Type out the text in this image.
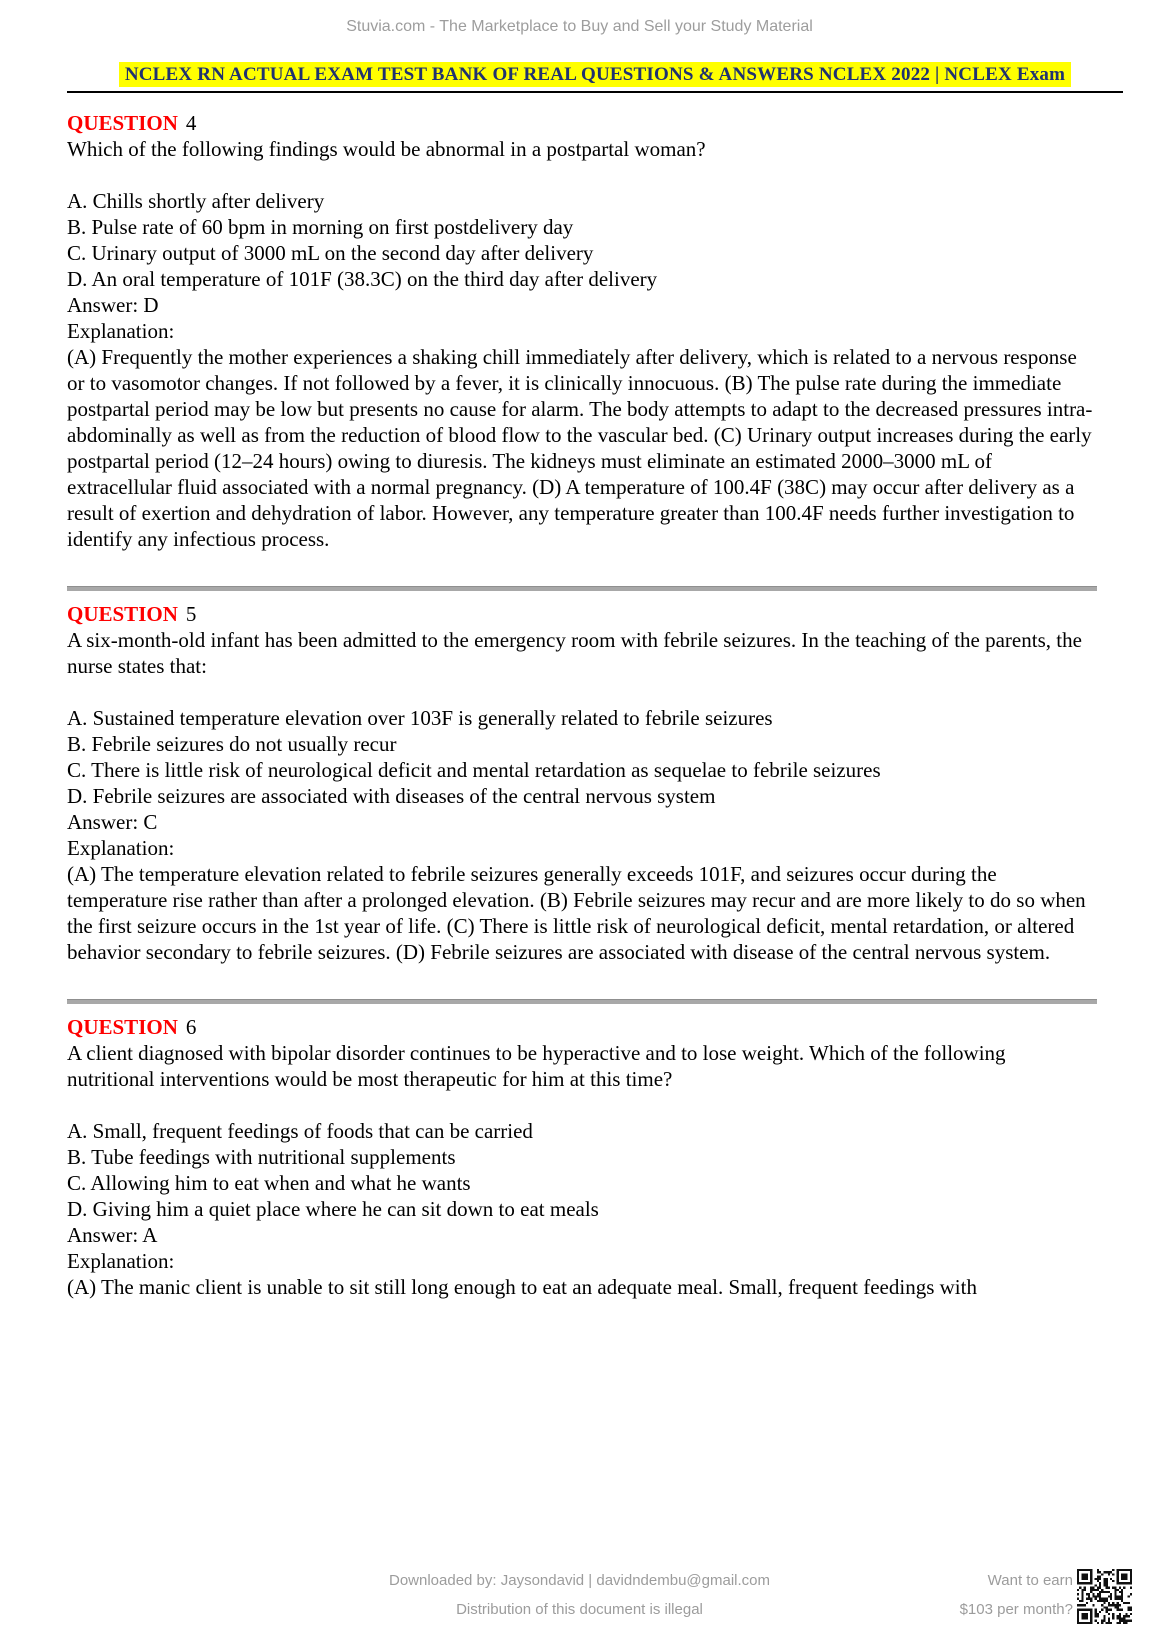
Stuvia.com - The Marketplace to Buy and Sell your Study Material
NCLEX RN ACTUAL EXAM TEST BANK OF REAL QUESTIONS & ANSWERS NCLEX 2022 | NCLEX Exam
QUESTION 4

Which of the following findings would be abnormal in a postpartal woman?

A. Chills shortly after delivery
B. Pulse rate of 60 bpm in morning on first postdelivery day
C. Urinary output of 3000 mL on the second day after delivery
D. An oral temperature of 101F (38.3C) on the third day after delivery

Answer: D

Explanation:

(A) Frequently the mother experiences a shaking chill immediately after delivery, which is related to a nervous response or to vasomotor changes. If not followed by a fever, it is clinically innocuous. (B) The pulse rate during the immediate postpartal period may be low but presents no cause for alarm. The body attempts to adapt to the decreased pressures intra-abdominally as well as from the reduction of blood flow to the vascular bed. (C) Urinary output increases during the early postpartal period (12–24 hours) owing to diuresis. The kidneys must eliminate an estimated 2000–3000 mL of extracellular fluid associated with a normal pregnancy. (D) A temperature of 100.4F (38C) may occur after delivery as a result of exertion and dehydration of labor. However, any temperature greater than 100.4F needs further investigation to identify any infectious process.

QUESTION 5

A six-month-old infant has been admitted to the emergency room with febrile seizures. In the teaching of the parents, the nurse states that:

A. Sustained temperature elevation over 103F is generally related to febrile seizures
B. Febrile seizures do not usually recur
C. There is little risk of neurological deficit and mental retardation as sequelae to febrile seizures
D. Febrile seizures are associated with diseases of the central nervous system

Answer: C

Explanation:

(A) The temperature elevation related to febrile seizures generally exceeds 101F, and seizures occur during the temperature rise rather than after a prolonged elevation. (B) Febrile seizures may recur and are more likely to do so when the first seizure occurs in the 1st year of life. (C) There is little risk of neurological deficit, mental retardation, or altered behavior secondary to febrile seizures. (D) Febrile seizures are associated with disease of the central nervous system.

QUESTION 6

A client diagnosed with bipolar disorder continues to be hyperactive and to lose weight. Which of the following nutritional interventions would be most therapeutic for him at this time?

A. Small, frequent feedings of foods that can be carried
B. Tube feedings with nutritional supplements
C. Allowing him to eat when and what he wants
D. Giving him a quiet place where he can sit down to eat meals

Answer: A

Explanation:

(A) The manic client is unable to sit still long enough to eat an adequate meal. Small, frequent feedings with

Downloaded by: Jaysondavid | davidndembu@gmail.com
Distribution of this document is illegal
Want to earn
$103 per month?
